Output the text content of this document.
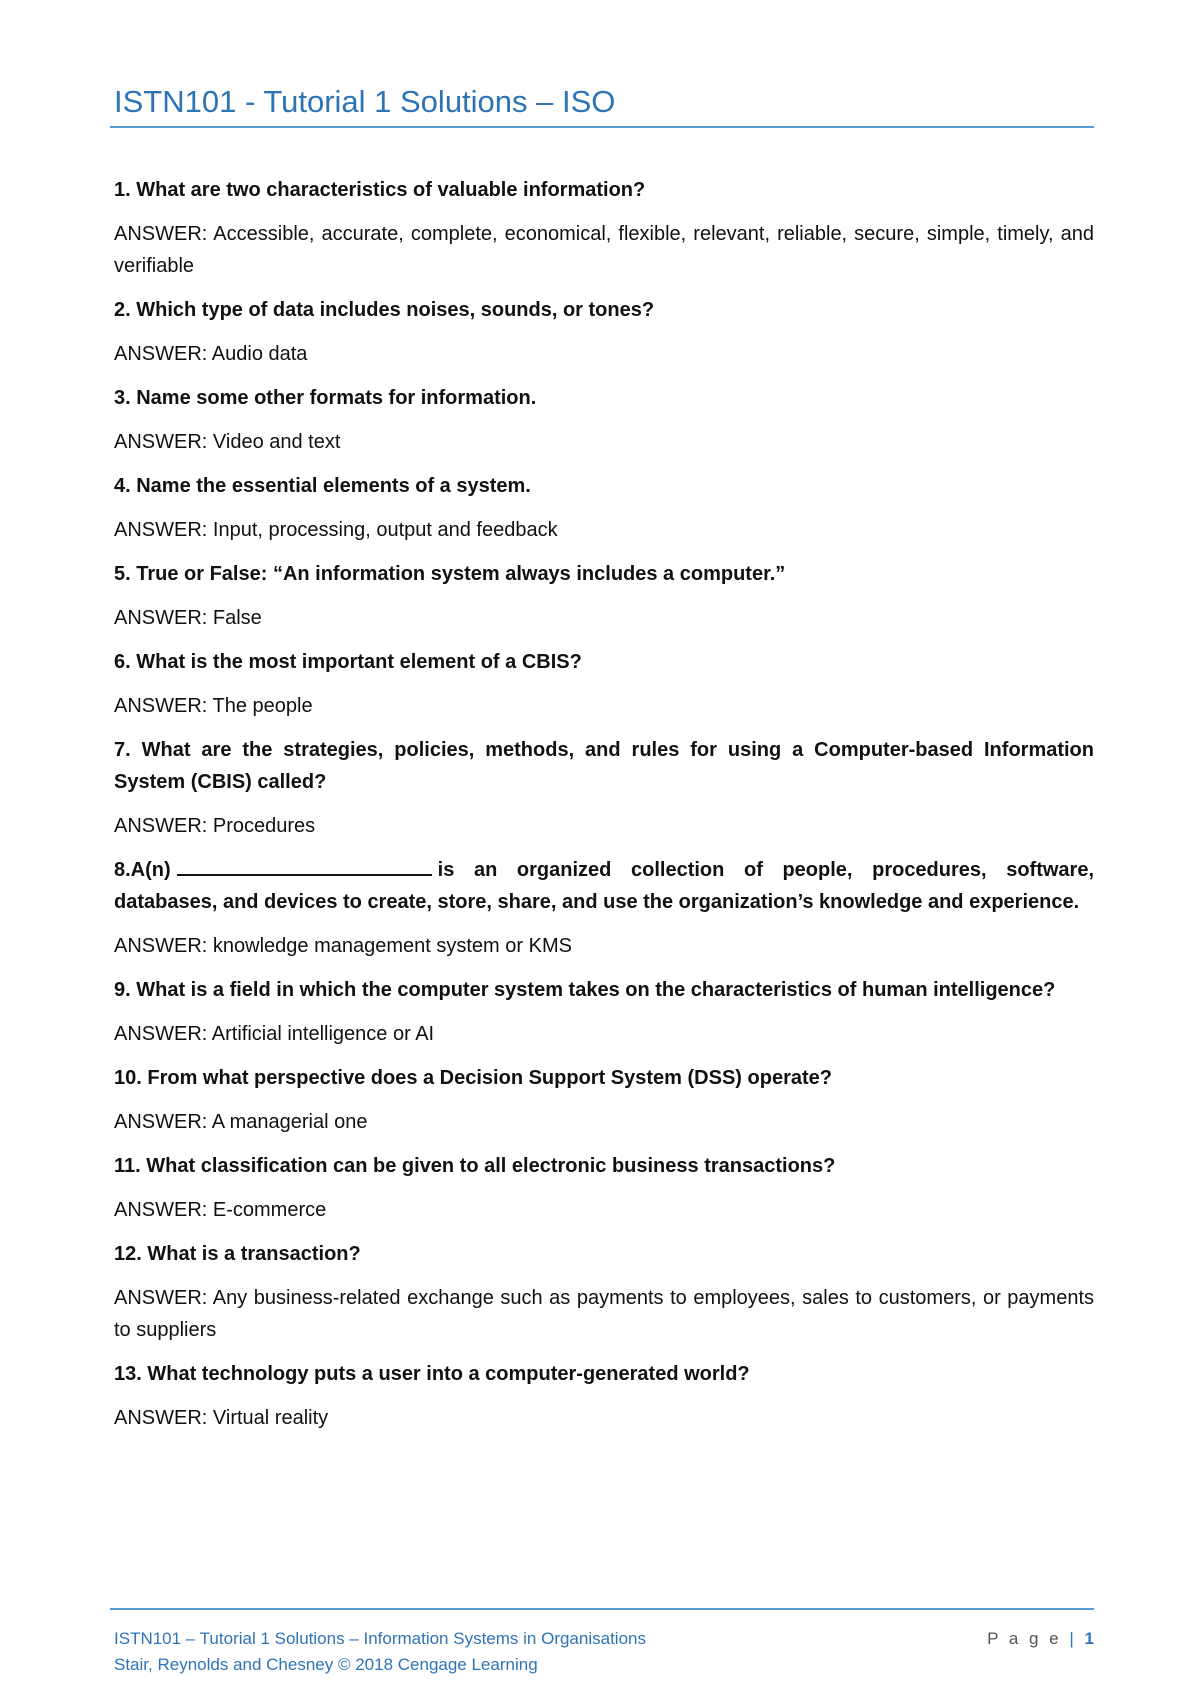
ISTN101 - Tutorial 1 Solutions – ISO

1. What are two characteristics of valuable information?

ANSWER: Accessible, accurate, complete, economical, flexible, relevant, reliable, secure, simple, timely, and verifiable

2. Which type of data includes noises, sounds, or tones?

ANSWER: Audio data

3. Name some other formats for information.

ANSWER: Video and text

4. Name the essential elements of a system.

ANSWER: Input, processing, output and feedback

5. True or False: “An information system always includes a computer.”

ANSWER: False

6. What is the most important element of a CBIS?

ANSWER: The people

7. What are the strategies, policies, methods, and rules for using a Computer-based Information System (CBIS) called?

ANSWER: Procedures

8.A(n)	is an organized collection of people, procedures, software, databases, and devices to create, store, share, and use the organization’s knowledge and experience.

ANSWER: knowledge management system or KMS

9. What is a field in which the computer system takes on the characteristics of human intelligence?

ANSWER: Artificial intelligence or AI

10. From what perspective does a Decision Support System (DSS) operate?

ANSWER: A managerial one

11. What classification can be given to all electronic business transactions?

ANSWER: E-commerce

12. What is a transaction?

ANSWER: Any business-related exchange such as payments to employees, sales to customers, or payments to suppliers

13. What technology puts a user into a computer-generated world?

ANSWER: Virtual reality

ISTN101 – Tutorial 1 Solutions – Information Systems in Organisations
Stair, Reynolds and Chesney © 2018 Cengage Learning
P a g e | 1
